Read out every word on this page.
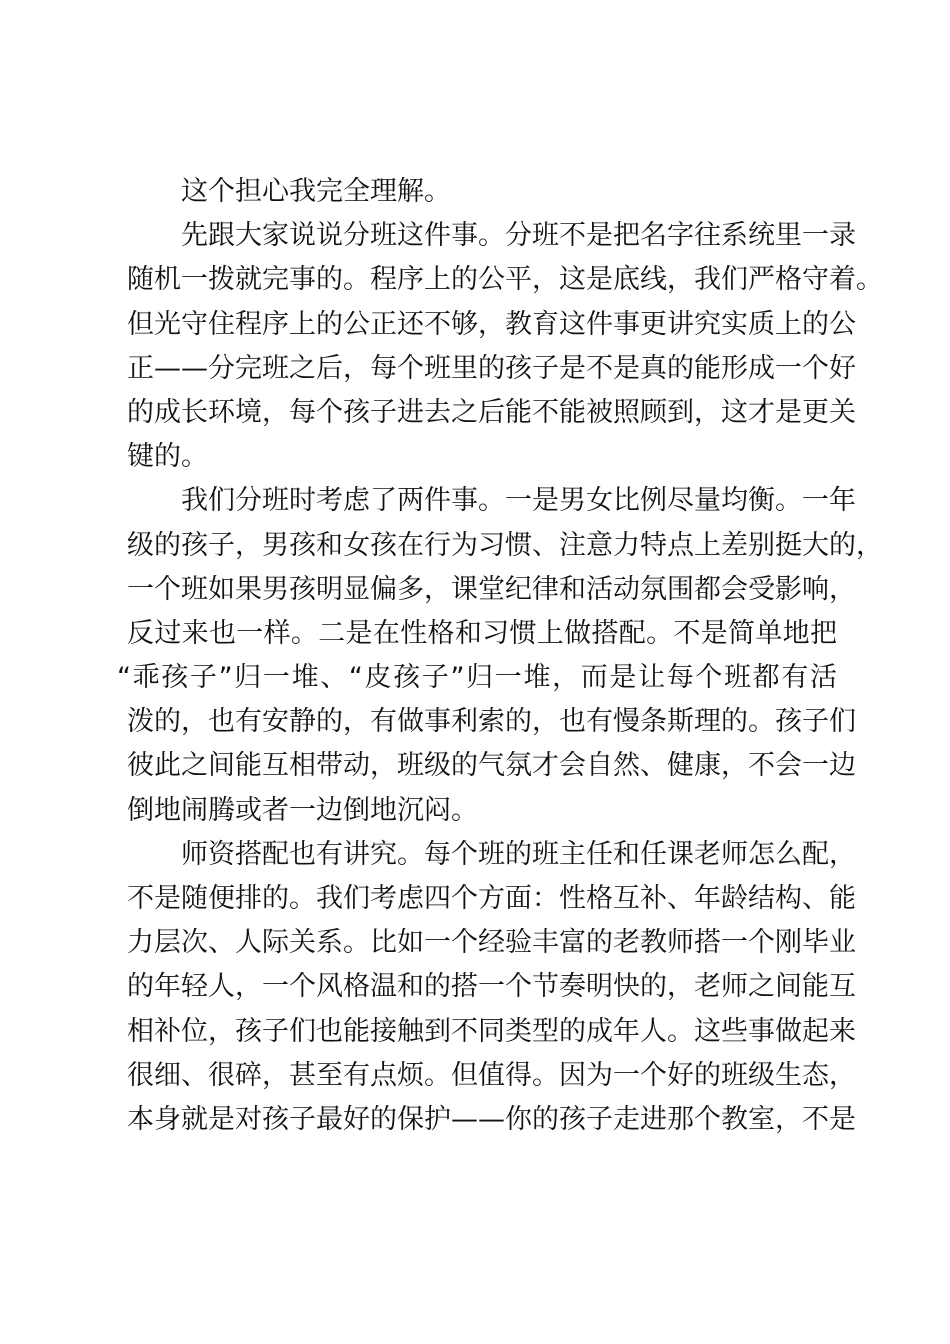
这个担心我完全理解。
先跟大家说说分班这件事。分班不是把名字往系统里一录
随机一拨就完事的。程序上的公平，这是底线，我们严格守着。
但光守住程序上的公正还不够，教育这件事更讲究实质上的公
正——分完班之后，每个班里的孩子是不是真的能形成一个好
的成长环境，每个孩子进去之后能不能被照顾到，这才是更关
键的。
我们分班时考虑了两件事。一是男女比例尽量均衡。一年
级的孩子，男孩和女孩在行为习惯、注意力特点上差别挺大的，
一个班如果男孩明显偏多，课堂纪律和活动氛围都会受影响，
反过来也一样。二是在性格和习惯上做搭配。不是简单地把
“乖孩子”归一堆、“皮孩子”归一堆，而是让每个班都有活
泼的，也有安静的，有做事利索的，也有慢条斯理的。孩子们
彼此之间能互相带动，班级的气氛才会自然、健康，不会一边
倒地闹腾或者一边倒地沉闷。
师资搭配也有讲究。每个班的班主任和任课老师怎么配，
不是随便排的。我们考虑四个方面：性格互补、年龄结构、能
力层次、人际关系。比如一个经验丰富的老教师搭一个刚毕业
的年轻人，一个风格温和的搭一个节奏明快的，老师之间能互
相补位，孩子们也能接触到不同类型的成年人。这些事做起来
很细、很碎，甚至有点烦。但值得。因为一个好的班级生态，
本身就是对孩子最好的保护——你的孩子走进那个教室，不是
